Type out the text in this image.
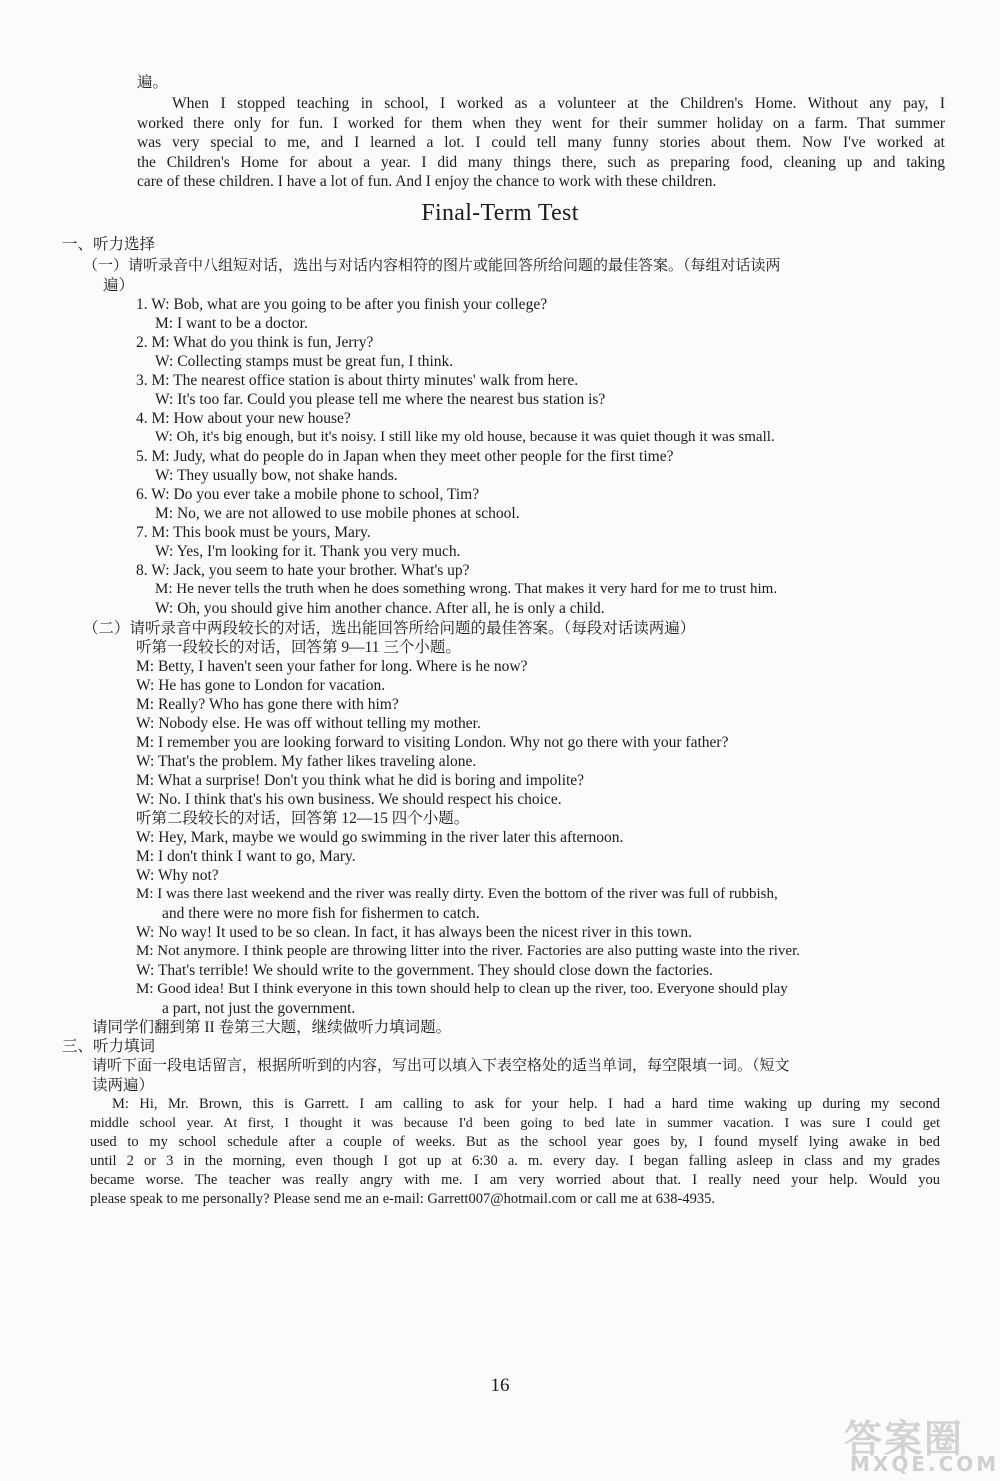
遍。
When I stopped teaching in school, I worked as a volunteer at the Children's Home. Without any pay, I
worked there only for fun. I worked for them when they went for their summer holiday on a farm. That summer
was very special to me, and I learned a lot. I could tell many funny stories about them. Now I've worked at
the Children's Home for about a year. I did many things there, such as preparing food, cleaning up and taking
care of these children. I have a lot of fun. And I enjoy the chance to work with these children.
Final-Term Test
一、听力选择
（一）请听录音中八组短对话，选出与对话内容相符的图片或能回答所给问题的最佳答案。（每组对话读两
遍）
1. W: Bob, what are you going to be after you finish your college?
M: I want to be a doctor.
2. M: What do you think is fun, Jerry?
W: Collecting stamps must be great fun, I think.
3. M: The nearest office station is about thirty minutes' walk from here.
W: It's too far. Could you please tell me where the nearest bus station is?
4. M: How about your new house?
W: Oh, it's big enough, but it's noisy. I still like my old house, because it was quiet though it was small.
5. M: Judy, what do people do in Japan when they meet other people for the first time?
W: They usually bow, not shake hands.
6. W: Do you ever take a mobile phone to school, Tim?
M: No, we are not allowed to use mobile phones at school.
7. M: This book must be yours, Mary.
W: Yes, I'm looking for it. Thank you very much.
8. W: Jack, you seem to hate your brother. What's up?
M: He never tells the truth when he does something wrong. That makes it very hard for me to trust him.
W: Oh, you should give him another chance. After all, he is only a child.
（二）请听录音中两段较长的对话，选出能回答所给问题的最佳答案。（每段对话读两遍）
听第一段较长的对话，回答第 9—11 三个小题。
M: Betty, I haven't seen your father for long. Where is he now?
W: He has gone to London for vacation.
M: Really? Who has gone there with him?
W: Nobody else. He was off without telling my mother.
M: I remember you are looking forward to visiting London. Why not go there with your father?
W: That's the problem. My father likes traveling alone.
M: What a surprise! Don't you think what he did is boring and impolite?
W: No. I think that's his own business. We should respect his choice.
听第二段较长的对话，回答第 12—15 四个小题。
W: Hey, Mark, maybe we would go swimming in the river later this afternoon.
M: I don't think I want to go, Mary.
W: Why not?
M: I was there last weekend and the river was really dirty. Even the bottom of the river was full of rubbish,
and there were no more fish for fishermen to catch.
W: No way! It used to be so clean. In fact, it has always been the nicest river in this town.
M: Not anymore. I think people are throwing litter into the river. Factories are also putting waste into the river.
W: That's terrible! We should write to the government. They should close down the factories.
M: Good idea! But I think everyone in this town should help to clean up the river, too. Everyone should play
a part, not just the government.
请同学们翻到第 II 卷第三大题，继续做听力填词题。
三、听力填词
请听下面一段电话留言，根据所听到的内容，写出可以填入下表空格处的适当单词，每空限填一词。（短文
读两遍）
M: Hi, Mr. Brown, this is Garrett. I am calling to ask for your help. I had a hard time waking up during my second
middle school year. At first, I thought it was because I'd been going to bed late in summer vacation. I was sure I could get
used to my school schedule after a couple of weeks. But as the school year goes by, I found myself lying awake in bed
until 2 or 3 in the morning, even though I got up at 6:30 a. m. every day. I began falling asleep in class and my grades
became worse. The teacher was really angry with me. I am very worried about that. I really need your help. Would you
please speak to me personally? Please send me an e-mail: Garrett007@hotmail.com or call me at 638-4935.
16
答案圈
MXQE.COM
